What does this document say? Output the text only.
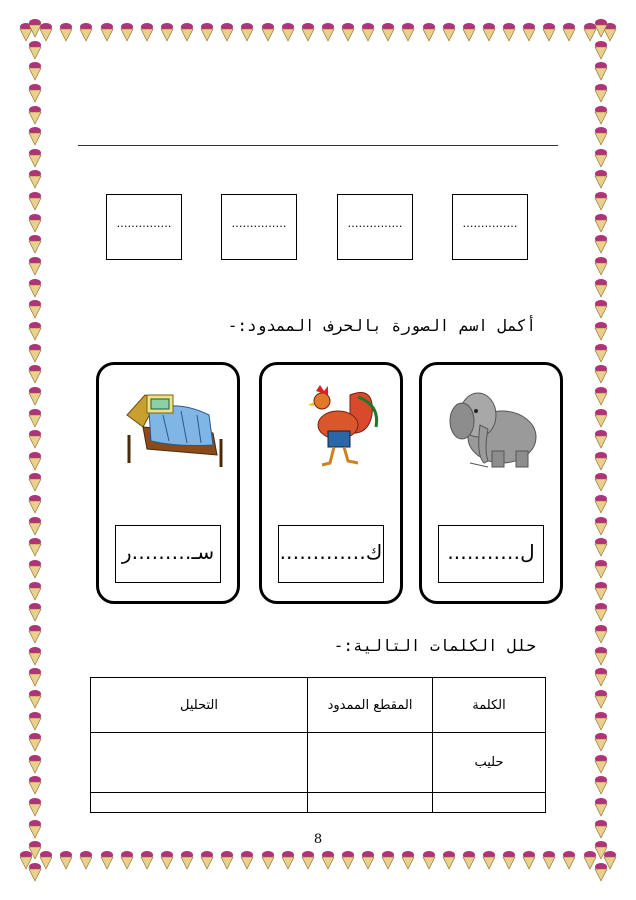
……………
……………
……………
……………
أكمل اسم الصورة بالحرف الممدود:-
ل………..
ك………….
سـ………ر
حلل الكلمات التالية:-
الكلمة	المقطع الممدود	التحليل
حليب		

8
